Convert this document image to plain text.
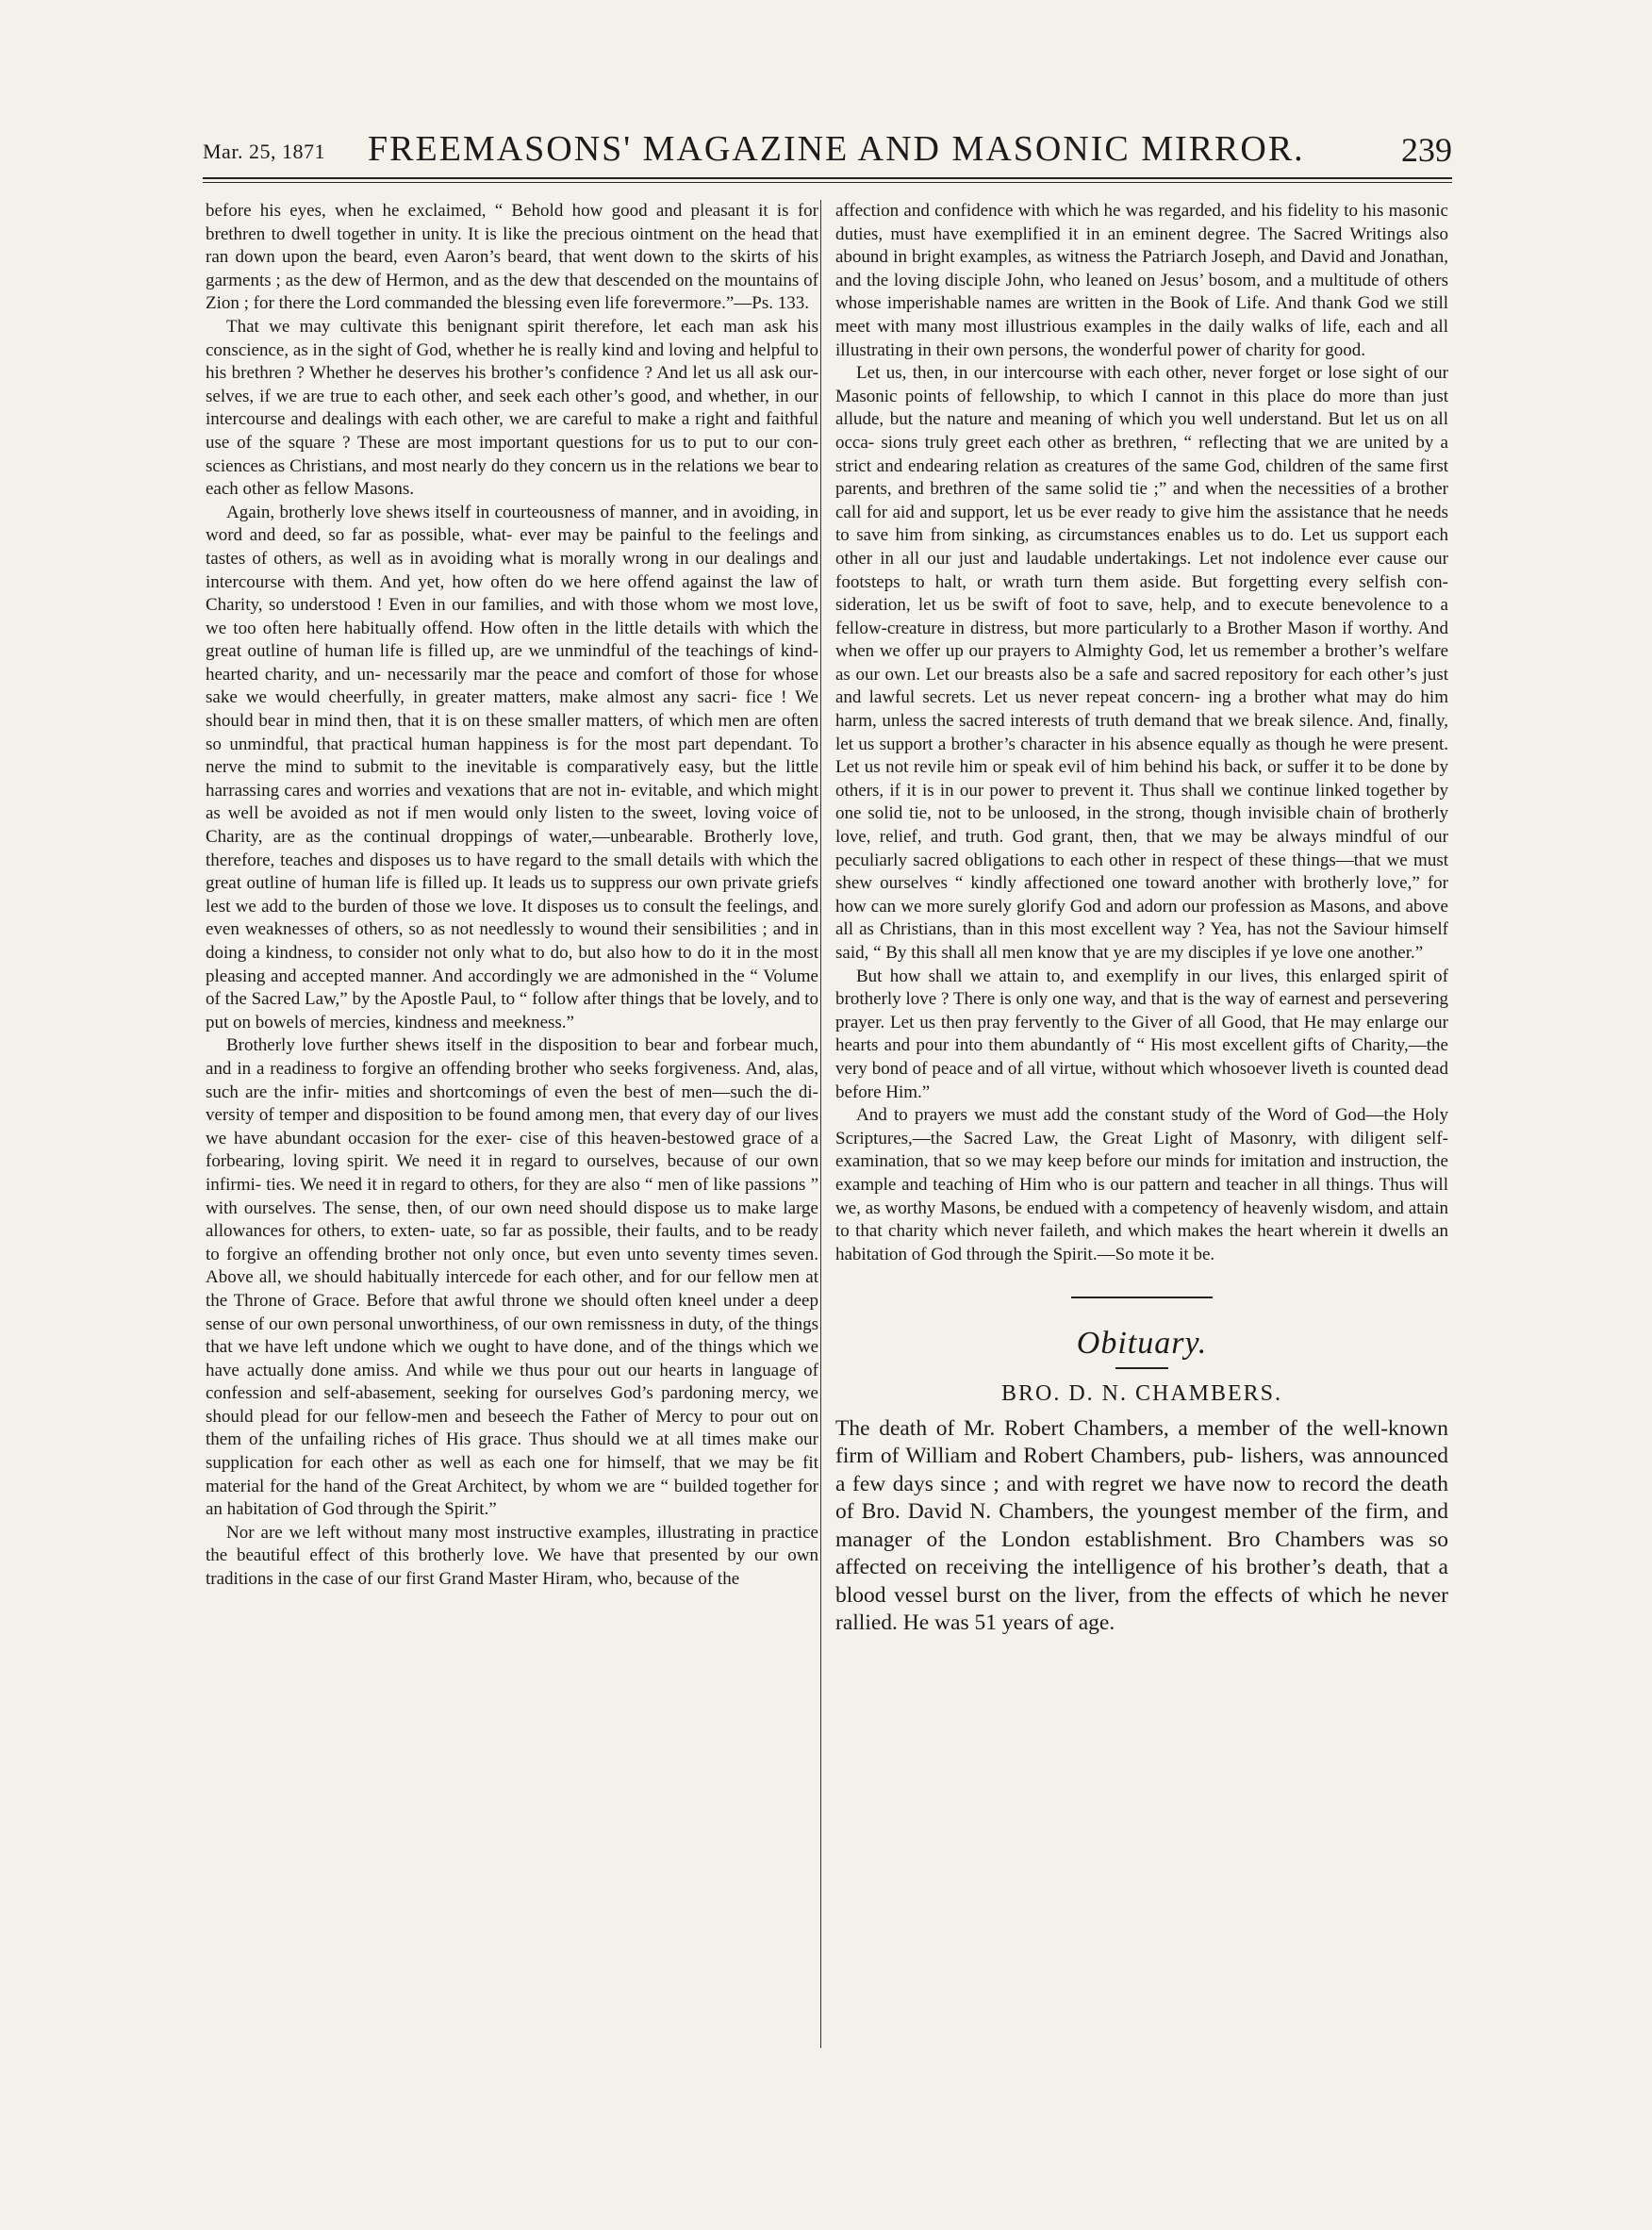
Mar. 25, 1871 FREEMASONS' MAGAZINE AND MASONIC MIRROR.	239

before his eyes, when he exclaimed, “ Behold how good and pleasant it is for brethren to dwell together in unity. It is like the precious ointment on the head that ran down upon the beard, even Aaron’s beard, that went down to the skirts of his garments ; as the dew of Hermon, and as the dew that descended on the mountains of Zion ; for there the Lord commanded the blessing even life forevermore.”—Ps. 133.

That we may cultivate this benignant spirit therefore, let each man ask his conscience, as in the sight of God, whether he is really kind and loving and helpful to his brethren ? Whether he deserves his brother’s confidence ? And let us all ask our- selves, if we are true to each other, and seek each other’s good, and whether, in our intercourse and dealings with each other, we are careful to make a right and faithful use of the square ? These are most important questions for us to put to our con- sciences as Christians, and most nearly do they concern us in the relations we bear to each other as fellow Masons.

Again, brotherly love shews itself in courteousness of manner, and in avoiding, in word and deed, so far as possible, what- ever may be painful to the feelings and tastes of others, as well as in avoiding what is morally wrong in our dealings and intercourse with them. And yet, how often do we here offend against the law of Charity, so understood ! Even in our families, and with those whom we most love, we too often here habitually offend. How often in the little details with which the great outline of human life is filled up, are we unmindful of the teachings of kind-hearted charity, and un- necessarily mar the peace and comfort of those for whose sake we would cheerfully, in greater matters, make almost any sacri- fice ! We should bear in mind then, that it is on these smaller matters, of which men are often so unmindful, that practical human happiness is for the most part dependant. To nerve the mind to submit to the inevitable is comparatively easy, but the little harrassing cares and worries and vexations that are not in- evitable, and which might as well be avoided as not if men would only listen to the sweet, loving voice of Charity, are as the continual droppings of water,—unbearable. Brotherly love, therefore, teaches and disposes us to have regard to the small details with which the great outline of human life is filled up. It leads us to suppress our own private griefs lest we add to the burden of those we love. It disposes us to consult the feelings, and even weaknesses of others, so as not needlessly to wound their sensibilities ; and in doing a kindness, to consider not only what to do, but also how to do it in the most pleasing and accepted manner. And accordingly we are admonished in the “ Volume of the Sacred Law,” by the Apostle Paul, to “ follow after things that be lovely, and to put on bowels of mercies, kindness and meekness.”

Brotherly love further shews itself in the disposition to bear and forbear much, and in a readiness to forgive an offending brother who seeks forgiveness. And, alas, such are the infir- mities and shortcomings of even the best of men—such the di- versity of temper and disposition to be found among men, that every day of our lives we have abundant occasion for the exer- cise of this heaven-bestowed grace of a forbearing, loving spirit. We need it in regard to ourselves, because of our own infirmi- ties. We need it in regard to others, for they are also “ men of like passions ” with ourselves. The sense, then, of our own need should dispose us to make large allowances for others, to exten- uate, so far as possible, their faults, and to be ready to forgive an offending brother not only once, but even unto seventy times seven. Above all, we should habitually intercede for each other, and for our fellow men at the Throne of Grace. Before that awful throne we should often kneel under a deep sense of our own personal unworthiness, of our own remissness in duty, of the things that we have left undone which we ought to have done, and of the things which we have actually done amiss. And while we thus pour out our hearts in language of confession and self-abasement, seeking for ourselves God’s pardoning mercy, we should plead for our fellow-men and beseech the Father of Mercy to pour out on them of the unfailing riches of His grace. Thus should we at all times make our supplication for each other as well as each one for himself, that we may be fit material for the hand of the Great Architect, by whom we are “ builded together for an habitation of God through the Spirit.”

Nor are we left without many most instructive examples, illustrating in practice the beautiful effect of this brotherly love. We have that presented by our own traditions in the case of our first Grand Master Hiram, who, because of the

affection and confidence with which he was regarded, and his fidelity to his masonic duties, must have exemplified it in an eminent degree. The Sacred Writings also abound in bright examples, as witness the Patriarch Joseph, and David and Jonathan, and the loving disciple John, who leaned on Jesus’ bosom, and a multitude of others whose imperishable names are written in the Book of Life. And thank God we still meet with many most illustrious examples in the daily walks of life, each and all illustrating in their own persons, the wonderful power of charity for good.

Let us, then, in our intercourse with each other, never forget or lose sight of our Masonic points of fellowship, to which I cannot in this place do more than just allude, but the nature and meaning of which you well understand. But let us on all occa- sions truly greet each other as brethren, “ reflecting that we are united by a strict and endearing relation as creatures of the same God, children of the same first parents, and brethren of the same solid tie ;” and when the necessities of a brother call for aid and support, let us be ever ready to give him the assistance that he needs to save him from sinking, as circumstances enables us to do. Let us support each other in all our just and laudable undertakings. Let not indolence ever cause our footsteps to halt, or wrath turn them aside. But forgetting every selfish con- sideration, let us be swift of foot to save, help, and to execute benevolence to a fellow-creature in distress, but more particularly to a Brother Mason if worthy. And when we offer up our prayers to Almighty God, let us remember a brother’s welfare as our own. Let our breasts also be a safe and sacred repository for each other’s just and lawful secrets. Let us never repeat concern- ing a brother what may do him harm, unless the sacred interests of truth demand that we break silence. And, finally, let us support a brother’s character in his absence equally as though he were present. Let us not revile him or speak evil of him behind his back, or suffer it to be done by others, if it is in our power to prevent it. Thus shall we continue linked together by one solid tie, not to be unloosed, in the strong, though invisible chain of brotherly love, relief, and truth. God grant, then, that we may be always mindful of our peculiarly sacred obligations to each other in respect of these things—that we must shew ourselves “ kindly affectioned one toward another with brotherly love,” for how can we more surely glorify God and adorn our profession as Masons, and above all as Christians, than in this most excellent way ? Yea, has not the Saviour himself said, “ By this shall all men know that ye are my disciples if ye love one another.”

But how shall we attain to, and exemplify in our lives, this enlarged spirit of brotherly love ? There is only one way, and that is the way of earnest and persevering prayer. Let us then pray fervently to the Giver of all Good, that He may enlarge our hearts and pour into them abundantly of “ His most excellent gifts of Charity,—the very bond of peace and of all virtue, without which whosoever liveth is counted dead before Him.”

And to prayers we must add the constant study of the Word of God—the Holy Scriptures,—the Sacred Law, the Great Light of Masonry, with diligent self-examination, that so we may keep before our minds for imitation and instruction, the example and teaching of Him who is our pattern and teacher in all things. Thus will we, as worthy Masons, be endued with a competency of heavenly wisdom, and attain to that charity which never faileth, and which makes the heart wherein it dwells an habitation of God through the Spirit.—So mote it be.

Obituary.
BRO. D. N. CHAMBERS.

The death of Mr. Robert Chambers, a member of the well-known firm of William and Robert Chambers, pub- lishers, was announced a few days since ; and with regret we have now to record the death of Bro. David N. Chambers, the youngest member of the firm, and manager of the London establishment. Bro Chambers was so affected on receiving the intelligence of his brother’s death, that a blood vessel burst on the liver, from the effects of which he never rallied. He was 51 years of age.
